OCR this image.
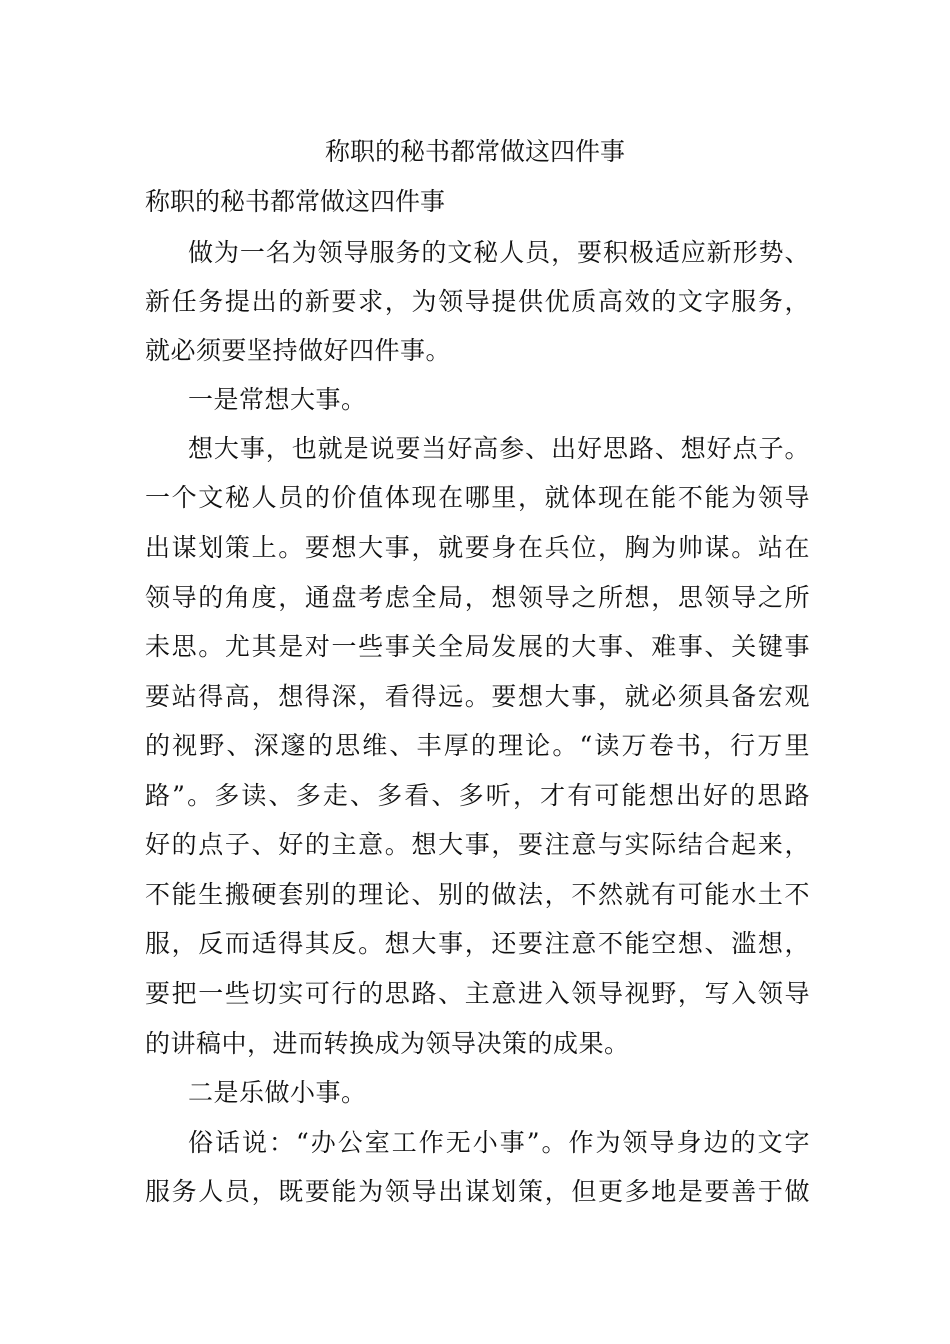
称职的秘书都常做这四件事

称职的秘书都常做这四件事

做为一名为领导服务的文秘人员，要积极适应新形势、

新任务提出的新要求，为领导提供优质高效的文字服务，

就必须要坚持做好四件事。

一是常想大事。

想大事，也就是说要当好高参、出好思路、想好点子。

一个文秘人员的价值体现在哪里，就体现在能不能为领导

出谋划策上。要想大事，就要身在兵位，胸为帅谋。站在

领导的角度，通盘考虑全局，想领导之所想，思领导之所

未思。尤其是对一些事关全局发展的大事、难事、关键事

要站得高，想得深，看得远。要想大事，就必须具备宏观

的视野、深邃的思维、丰厚的理论。“读万卷书，行万里

路”。多读、多走、多看、多听，才有可能想出好的思路

好的点子、好的主意。想大事，要注意与实际结合起来，

不能生搬硬套别的理论、别的做法，不然就有可能水土不

服，反而适得其反。想大事，还要注意不能空想、滥想，

要把一些切实可行的思路、主意进入领导视野，写入领导

的讲稿中，进而转换成为领导决策的成果。

二是乐做小事。

俗话说：“办公室工作无小事”。作为领导身边的文字

服务人员，既要能为领导出谋划策，但更多地是要善于做
